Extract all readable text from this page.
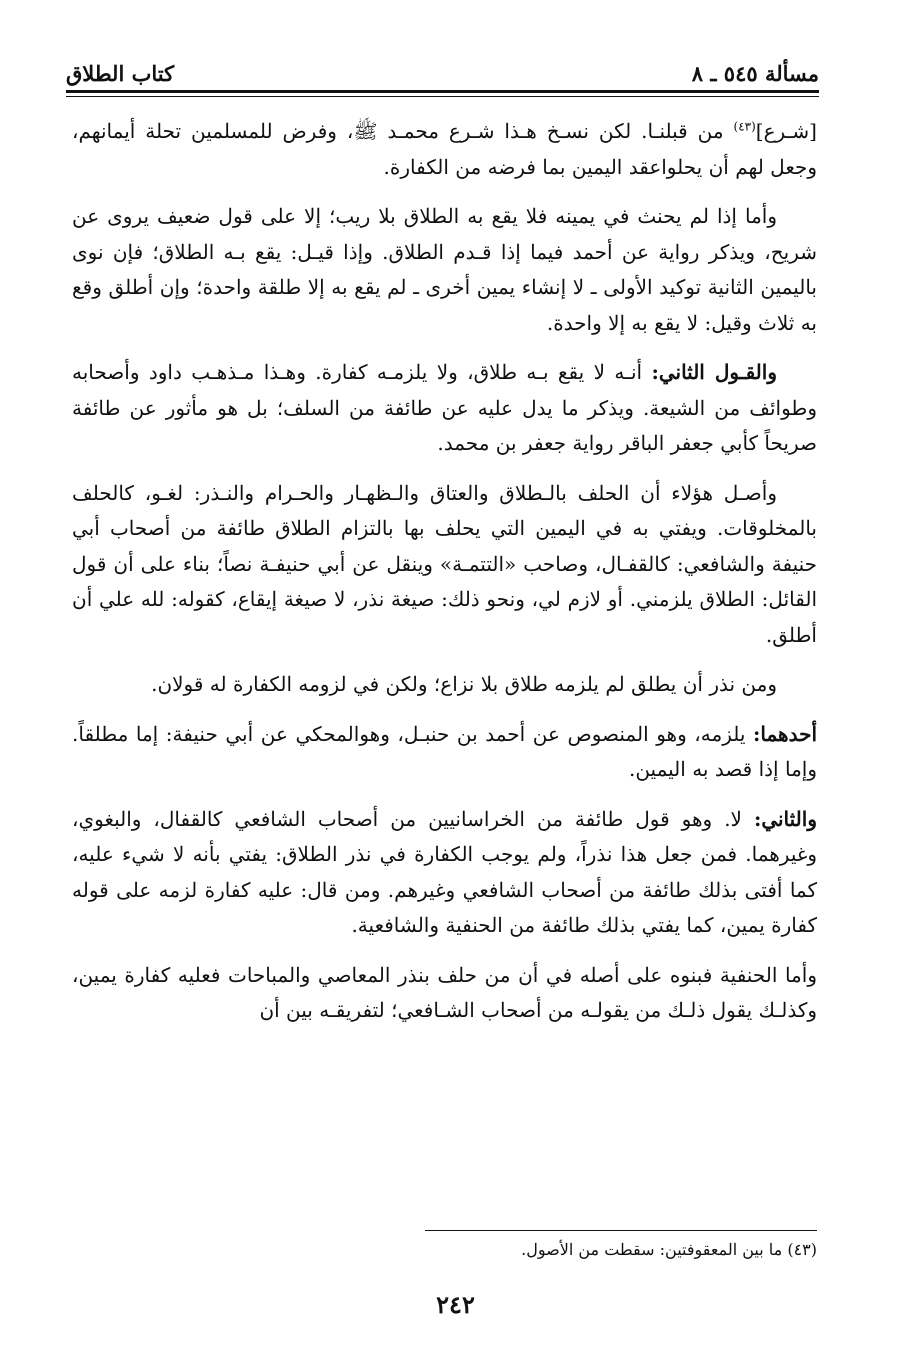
مسألة ٥٤٥ ـ ٨
كتاب الطلاق

[شـرع]$^{(٤٣)}$ من قبلنـا. لكن نسـخ هـذا شـرع محمـد ﷺ، وفرض للمسلمين تحلة أيمانهم، وجعل لهم أن يحلواعقد اليمين بما فرضه من الكفارة.

وأما إذا لم يحنث في يمينه فلا يقع به الطلاق بلا ريب؛ إلا على قول ضعيف يروى عن شريح، ويذكر رواية عن أحمد فيما إذا قـدم الطلاق. وإذا قيـل: يقع بـه الطلاق؛ فإن نوى باليمين الثانية توكيد الأولى ـ لا إنشاء يمين أخرى ـ لم يقع به إلا طلقة واحدة؛ وإن أطلق وقع به ثلاث وقيل: لا يقع به إلا واحدة.

والقـول الثاني: أنـه لا يقع بـه طلاق، ولا يلزمـه كفارة. وهـذا مـذهـب داود وأصحابه وطوائف من الشيعة. ويذكر ما يدل عليه عن طائفة من السلف؛ بل هو مأثور عن طائفة صريحاً كأبي جعفر الباقر رواية جعفر بن محمد.

وأصـل هؤلاء أن الحلف بالـطلاق والعتاق والـظهـار والحـرام والنـذر: لغـو، كالحلف بالمخلوقات. ويفتي به في اليمين التي يحلف بها بالتزام الطلاق طائفة من أصحاب أبي حنيفة والشافعي: كالقفـال، وصاحب «التتمـة» وينقل عن أبي حنيفـة نصاً؛ بناء على أن قول القائل: الطلاق يلزمني. أو لازم لي، ونحو ذلك: صيغة نذر، لا صيغة إيقاع، كقوله: لله علي أن أطلق.

ومن نذر أن يطلق لم يلزمه طلاق بلا نزاع؛ ولكن في لزومه الكفارة له قولان.

أحدهما: يلزمه، وهو المنصوص عن أحمد بن حنبـل، وهوالمحكي عن أبي حنيفة: إما مطلقاً. وإما إذا قصد به اليمين.

والثاني: لا. وهو قول طائفة من الخراسانيين من أصحاب الشافعي كالقفال، والبغوي، وغيرهما. فمن جعل هذا نذراً، ولم يوجب الكفارة في نذر الطلاق: يفتي بأنه لا شيء عليه، كما أفتى بذلك طائفة من أصحاب الشافعي وغيرهم. ومن قال: عليه كفارة لزمه على قوله كفارة يمين، كما يفتي بذلك طائفة من الحنفية والشافعية.

وأما الحنفية فبنوه على أصله في أن من حلف بنذر المعاصي والمباحات فعليه كفارة يمين، وكذلـك يقول ذلـك من يقولـه من أصحاب الشـافعي؛ لتفريقـه بين أن

(٤٣) ما بين المعقوفتين: سقطت من الأصول.
٢٤٢
